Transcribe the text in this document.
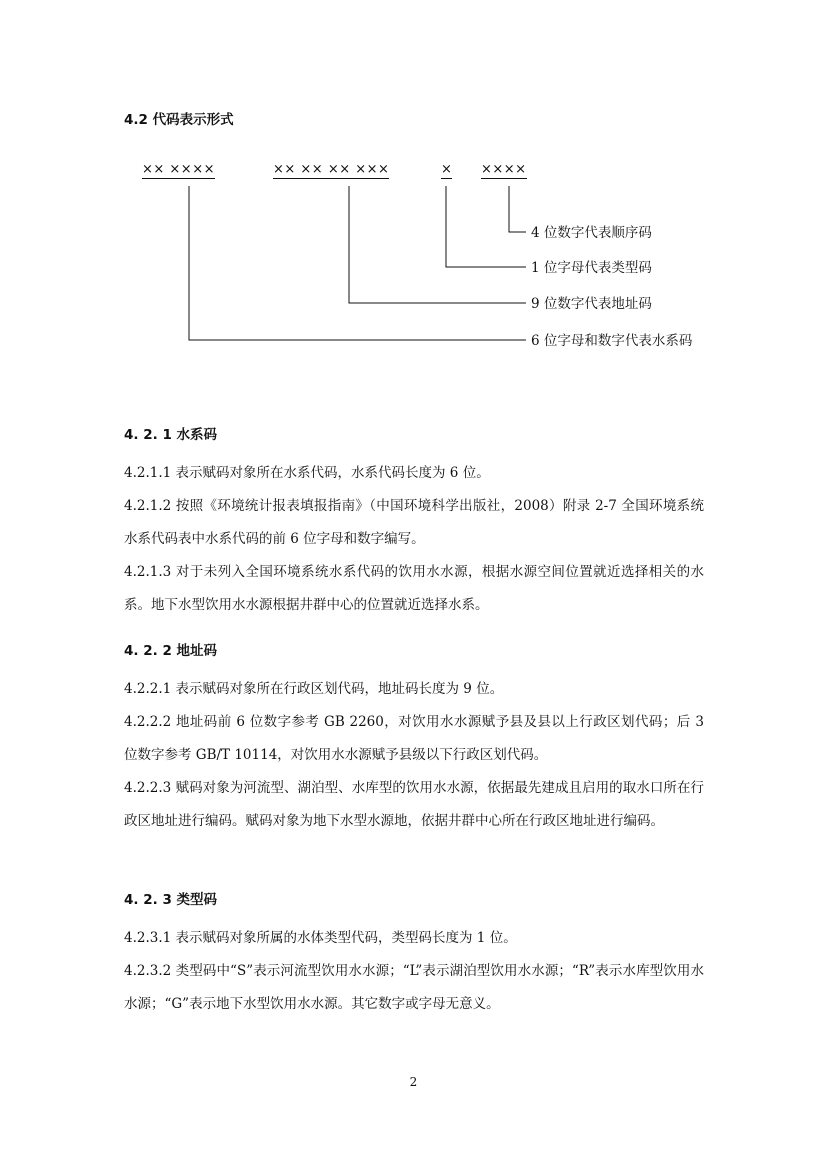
4.2 代码表示形式
×× ××××	×× ×× ×× ×××	× ××××
4 位数字代表顺序码
1 位字母代表类型码
9 位数字代表地址码
6 位字母和数字代表水系码
4. 2. 1 水系码

4.2.1.1 表示赋码对象所在水系代码，水系代码长度为 6 位。

4.2.1.2 按照《环境统计报表填报指南》（中国环境科学出版社，2008）附录 2-7 全国环境系统水系代码表中水系代码的前 6 位字母和数字编写。

4.2.1.3 对于未列入全国环境系统水系代码的饮用水水源，根据水源空间位置就近选择相关的水系。地下水型饮用水水源根据井群中心的位置就近选择水系。

4. 2. 2 地址码

4.2.2.1 表示赋码对象所在行政区划代码，地址码长度为 9 位。

4.2.2.2 地址码前 6 位数字参考 GB 2260，对饮用水水源赋予县及县以上行政区划代码；后 3 位数字参考 GB/T 10114，对饮用水水源赋予县级以下行政区划代码。

4.2.2.3 赋码对象为河流型、湖泊型、水库型的饮用水水源，依据最先建成且启用的取水口所在行政区地址进行编码。赋码对象为地下水型水源地，依据井群中心所在行政区地址进行编码。

4. 2. 3 类型码

4.2.3.1 表示赋码对象所属的水体类型代码，类型码长度为 1 位。

4.2.3.2 类型码中“S”表示河流型饮用水水源；“L”表示湖泊型饮用水水源；“R”表示水库型饮用水水源；“G”表示地下水型饮用水水源。其它数字或字母无意义。

2
